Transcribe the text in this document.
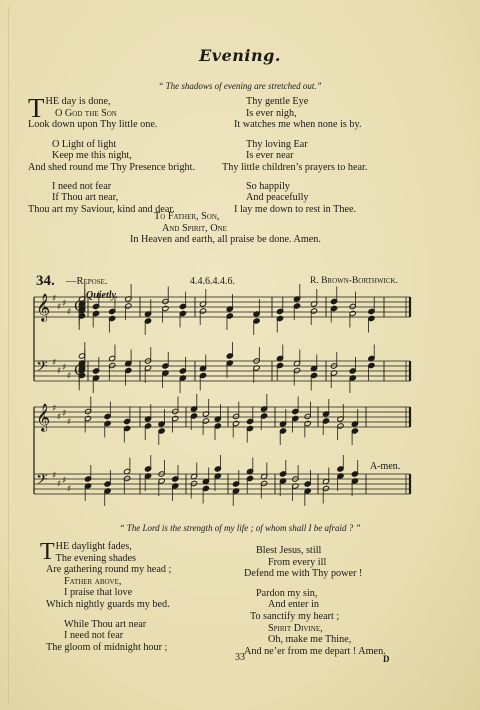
Evening.
“ The shadows of evening are stretched out.”
T HE day is done,
O God the Son
Look down upon Thy little one.
O Light of light
Keep me this night,
And shed round me Thy Presence bright.
I need not fear
If Thou art near,
Thou art my Saviour, kind and dear.
Thy gentle Eye
Is ever nigh,
It watches me when none is by.
Thy loving Ear
Is ever near
Thy little children’s prayers to hear.
So happily
And peacefully
I lay me down to rest in Thee.
To Father, Son,
And Spirit, One
In Heaven and earth, all praise be done. Amen.
34. —Repose.	4.4.6.4.4.6.	R. Brown-Borthwick.
Quietly.
𝄞 ♯
♯ ♯
♯
𝄢 ♯
♯ ♯
♯
C
C
𝄞 ♯
♯ ♯
♯
𝄢 ♯
♯ ♯
♯
A-men.
“ The Lord is the strength of my life ; of whom shall I be afraid ? ”
T HE daylight fades,
The evening shades
Are gathering round my head ;
Father above,
I praise that love
Which nightly guards my bed.
While Thou art near
I need not fear
The gloom of midnight hour ;
Blest Jesus, still
From every ill
Defend me with Thy power !
Pardon my sin,
And enter in
To sanctify my heart ;
Spirit Divine,
Oh, make me Thine,
And ne’er from me depart ! Amen.
33	D
